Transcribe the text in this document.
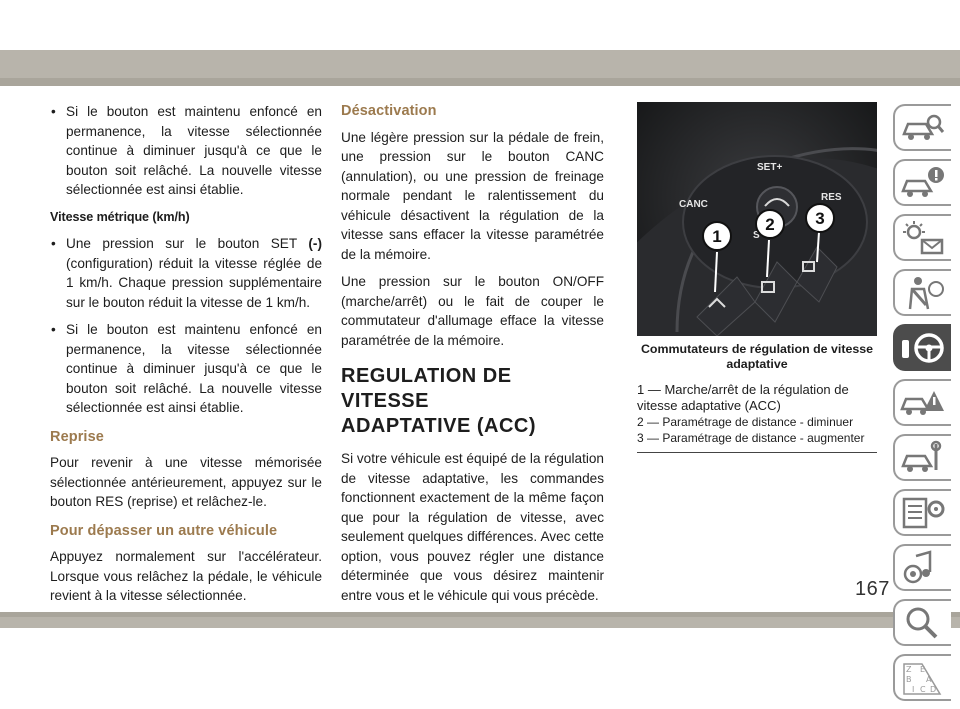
• Si le bouton est maintenu enfoncé en permanence, la vitesse sélectionnée continue à diminuer jusqu'à ce que le bouton soit relâché. La nouvelle vitesse sélectionnée est ainsi établie.
Vitesse métrique (km/h)
• Une pression sur le bouton SET (-) (configuration) réduit la vitesse réglée de 1 km/h. Chaque pression supplémentaire sur le bouton réduit la vitesse de 1 km/h.
• Si le bouton est maintenu enfoncé en permanence, la vitesse sélectionnée continue à diminuer jusqu'à ce que le bouton soit relâché. La nouvelle vitesse sélectionnée est ainsi établie.
Reprise
Pour revenir à une vitesse mémorisée sélectionnée antérieurement, appuyez sur le bouton RES (reprise) et relâchez-le.
Pour dépasser un autre véhicule
Appuyez normalement sur l'accélérateur. Lorsque vous relâchez la pédale, le véhicule revient à la vitesse sélectionnée.
Désactivation
Une légère pression sur la pédale de frein, une pression sur le bouton CANC (annulation), ou une pression de freinage normale pendant le ralentissement du véhicule désactivent la régulation de la vitesse sans effacer la vitesse paramétrée de la mémoire.
Une pression sur le bouton ON/OFF (marche/arrêt) ou le fait de couper le commutateur d'allumage efface la vitesse paramétrée de la mémoire.
REGULATION DE VITESSE
ADAPTATIVE (ACC)
Si votre véhicule est équipé de la régulation de vitesse adaptative, les commandes fonctionnent exactement de la même façon que pour la régulation de vitesse, avec seulement quelques différences. Avec cette option, vous pouvez régler une distance déterminée que vous désirez maintenir entre vous et le véhicule qui vous précède.
SET+
CANC
RES
S
1
2 3
Commutateurs de régulation de vitesse adaptative

1 — Marche/arrêt de la régulation de vitesse adaptative (ACC)

2 — Paramétrage de distance - diminuer

3 — Paramétrage de distance - augmenter

Z E
B A
I C D
167
